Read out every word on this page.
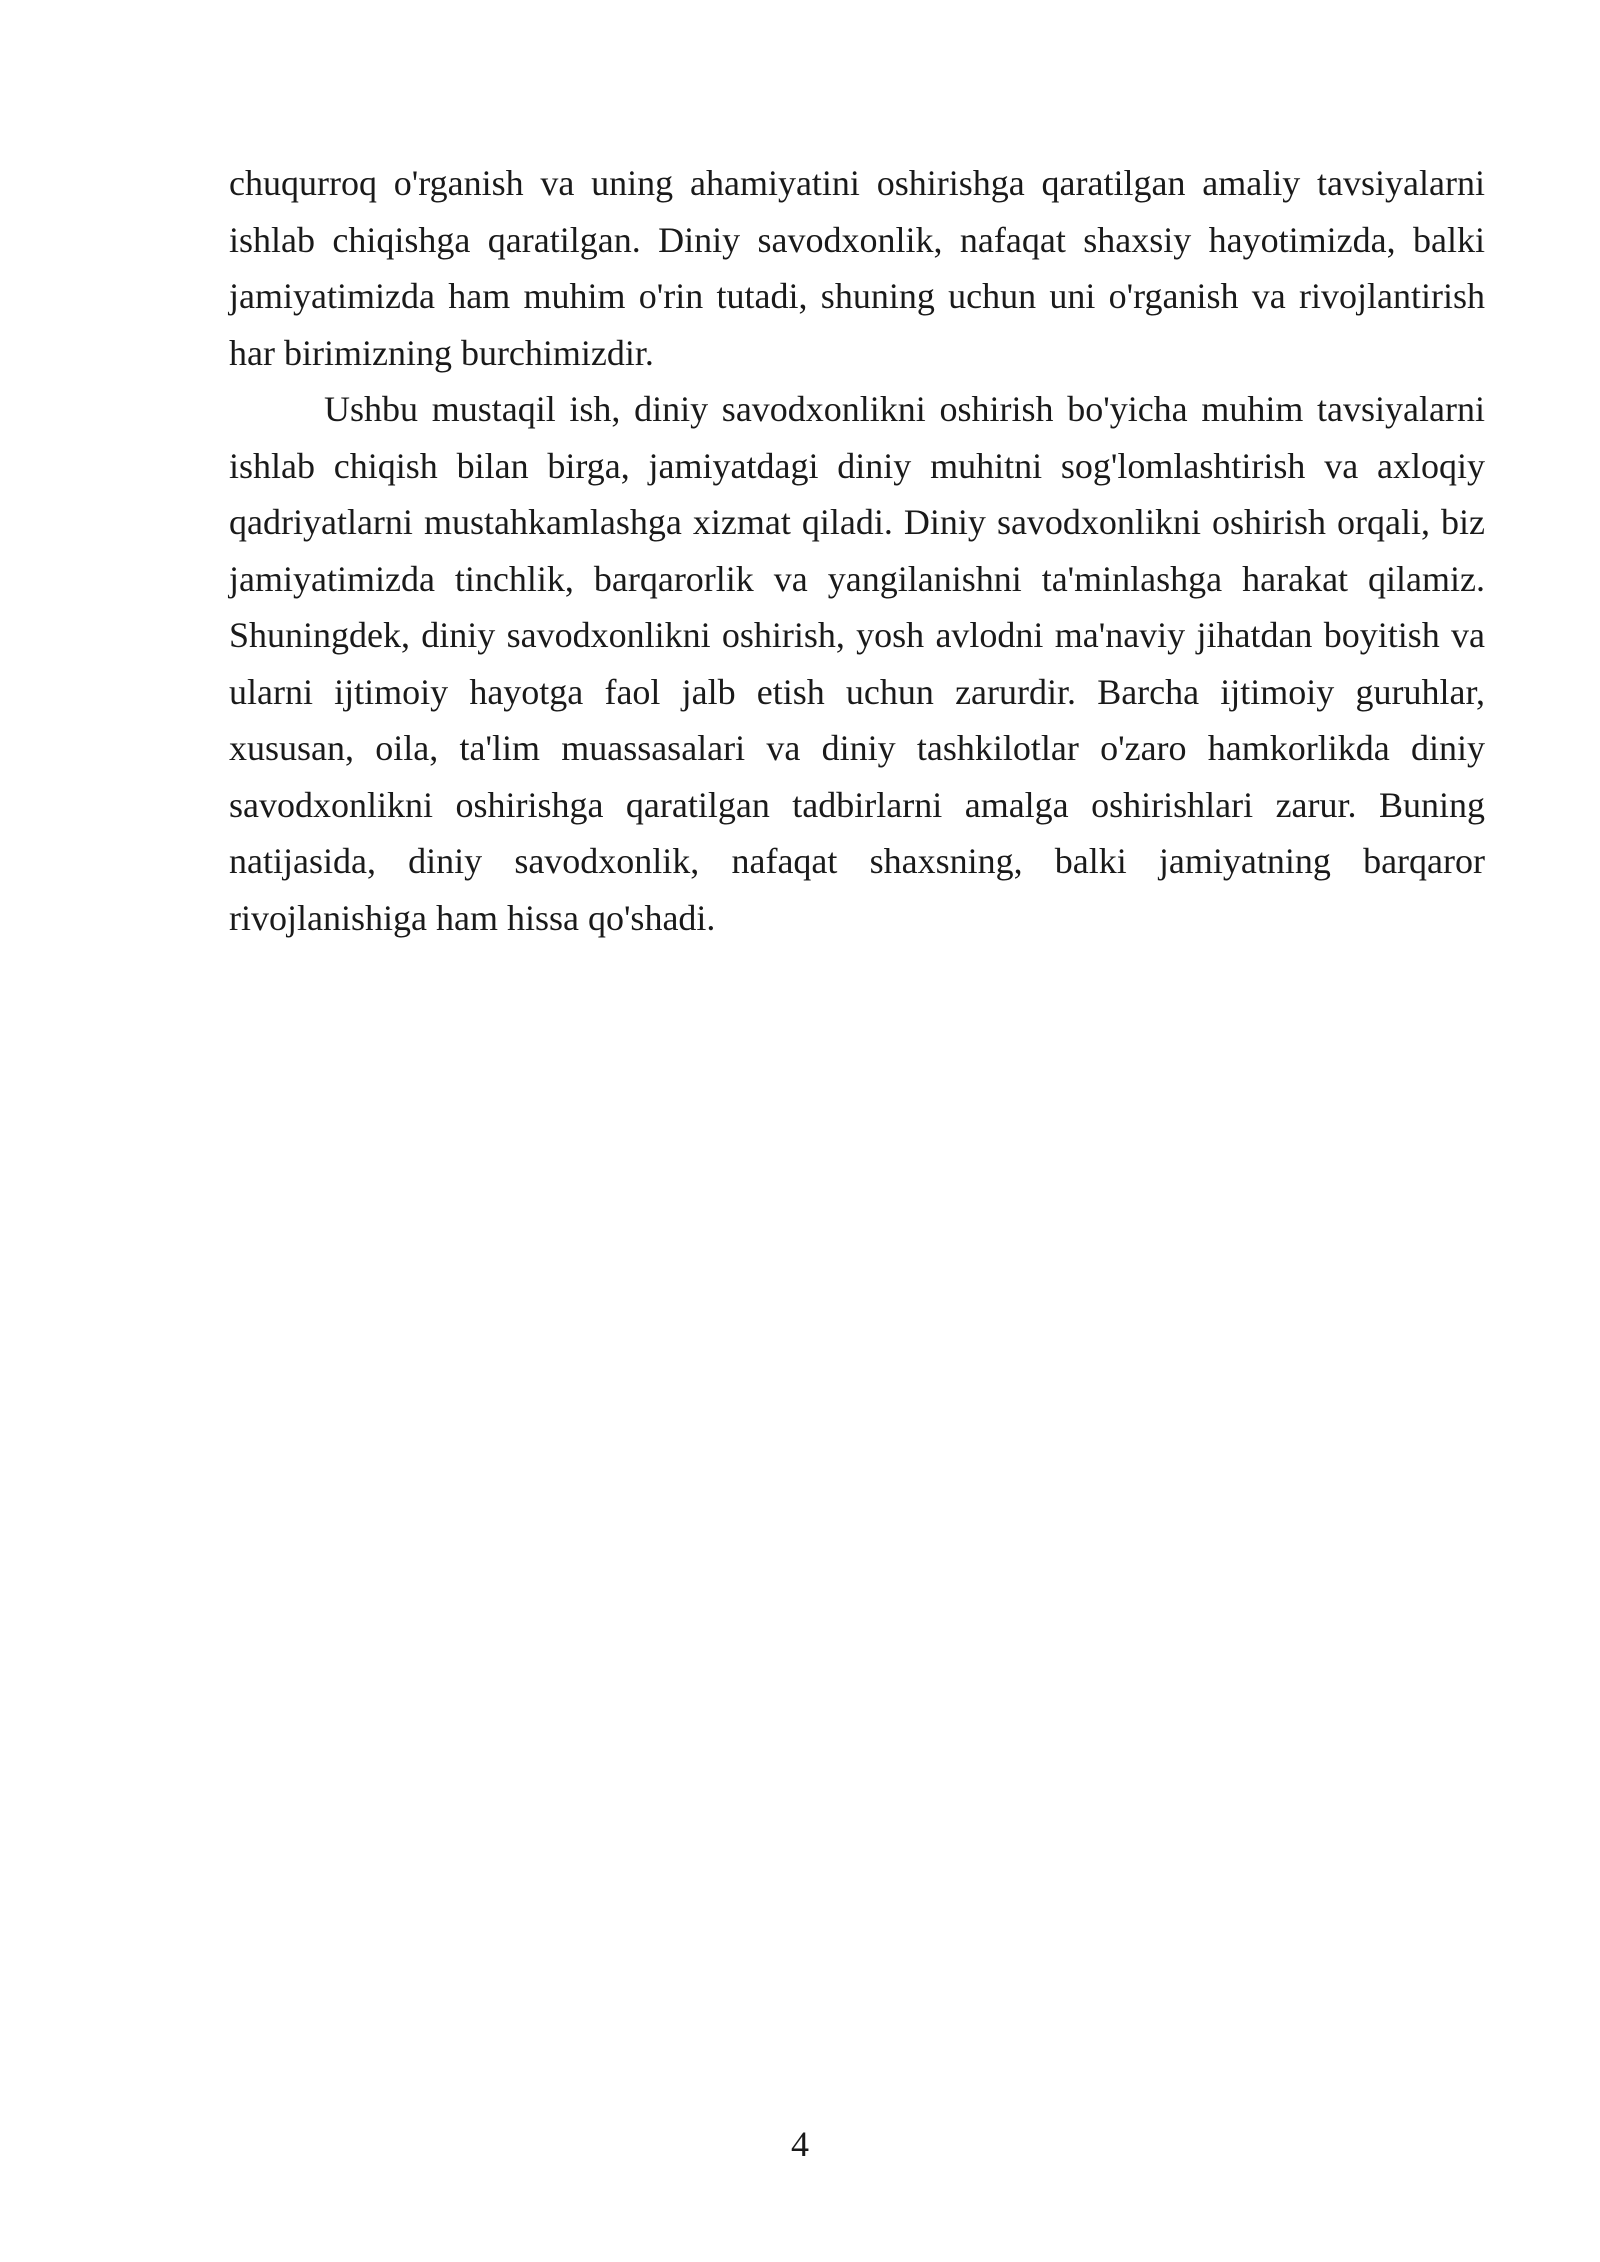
chuqurroq o'rganish va uning ahamiyatini oshirishga qaratilgan amaliy tavsiyalarni ishlab chiqishga qaratilgan. Diniy savodxonlik, nafaqat shaxsiy hayotimizda, balki jamiyatimizda ham muhim o'rin tutadi, shuning uchun uni o'rganish va rivojlantirish har birimizning burchimizdir.

Ushbu mustaqil ish, diniy savodxonlikni oshirish bo'yicha muhim tavsiyalarni ishlab chiqish bilan birga, jamiyatdagi diniy muhitni sog'lomlashtirish va axloqiy qadriyatlarni mustahkamlashga xizmat qiladi. Diniy savodxonlikni oshirish orqali, biz jamiyatimizda tinchlik, barqarorlik va yangilanishni ta'minlashga harakat qilamiz. Shuningdek, diniy savodxonlikni oshirish, yosh avlodni ma'naviy jihatdan boyitish va ularni ijtimoiy hayotga faol jalb etish uchun zarurdir. Barcha ijtimoiy guruhlar, xususan, oila, ta'lim muassasalari va diniy tashkilotlar o'zaro hamkorlikda diniy savodxonlikni oshirishga qaratilgan tadbirlarni amalga oshirishlari zarur. Buning natijasida, diniy savodxonlik, nafaqat shaxsning, balki jamiyatning barqaror rivojlanishiga ham hissa qo'shadi.

4
